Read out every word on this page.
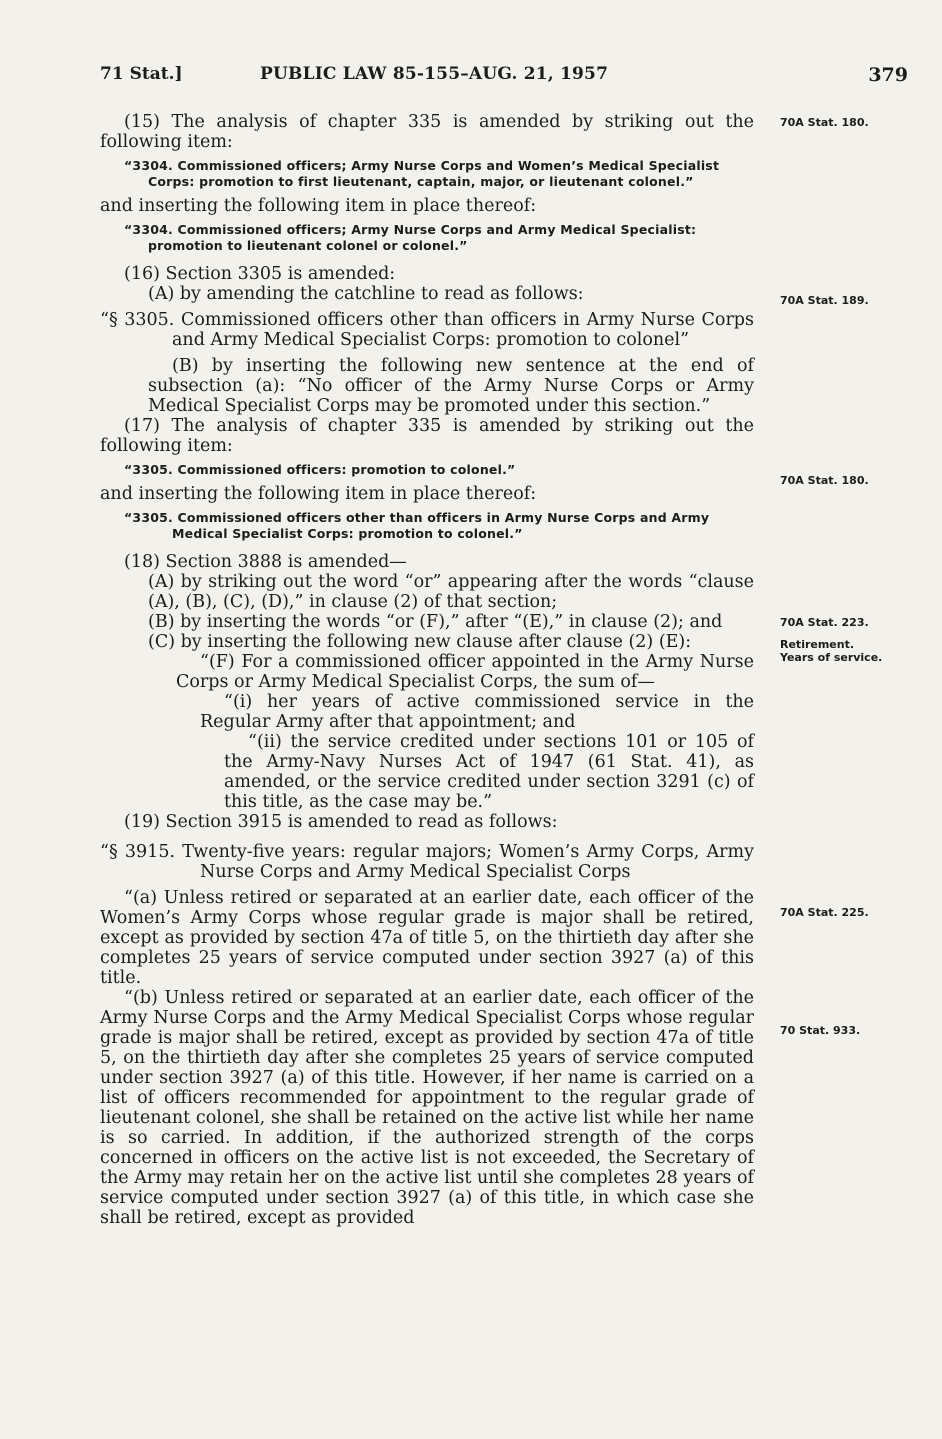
71 Stat.]	PUBLIC LAW 85-155–AUG. 21, 1957	379

(15) The analysis of chapter 335 is amended by striking out the following item:

“3304. Commissioned officers; Army Nurse Corps and Women’s Medical Specialist Corps: promotion to first lieutenant, captain, major, or lieutenant colonel.”

and inserting the following item in place thereof:

“3304. Commissioned officers; Army Nurse Corps and Army Medical Specialist: promotion to lieutenant colonel or colonel.”

(16) Section 3305 is amended:

(A) by amending the catchline to read as follows:

“§ 3305. Commissioned officers other than officers in Army Nurse Corps and Army Medical Specialist Corps: promotion to colonel”

(B) by inserting the following new sentence at the end of subsection (a): “No officer of the Army Nurse Corps or Army Medical Specialist Corps may be promoted under this section.”

(17) The analysis of chapter 335 is amended by striking out the following item:

“3305. Commissioned officers: promotion to colonel.”

and inserting the following item in place thereof:

“3305. Commissioned officers other than officers in Army Nurse Corps and Army Medical Specialist Corps: promotion to colonel.”

(18) Section 3888 is amended—

(A) by striking out the word “or” appearing after the words “clause (A), (B), (C), (D),” in clause (2) of that section;

(B) by inserting the words “or (F),” after “(E),” in clause (2); and

(C) by inserting the following new clause after clause (2) (E):

“(F) For a commissioned officer appointed in the Army Nurse Corps or Army Medical Specialist Corps, the sum of—

“(i) her years of active commissioned service in the Regular Army after that appointment; and

“(ii) the service credited under sections 101 or 105 of the Army-Navy Nurses Act of 1947 (61 Stat. 41), as amended, or the service credited under section 3291 (c) of this title, as the case may be.”

(19) Section 3915 is amended to read as follows:

“§ 3915. Twenty-five years: regular majors; Women’s Army Corps, Army Nurse Corps and Army Medical Specialist Corps

“(a) Unless retired or separated at an earlier date, each officer of the Women’s Army Corps whose regular grade is major shall be retired, except as provided by section 47a of title 5, on the thirtieth day after she completes 25 years of service computed under section 3927 (a) of this title.

“(b) Unless retired or separated at an earlier date, each officer of the Army Nurse Corps and the Army Medical Specialist Corps whose regular grade is major shall be retired, except as provided by section 47a of title 5, on the thirtieth day after she completes 25 years of service computed under section 3927 (a) of this title. However, if her name is carried on a list of officers recommended for appointment to the regular grade of lieutenant colonel, she shall be retained on the active list while her name is so carried. In addition, if the authorized strength of the corps concerned in officers on the active list is not exceeded, the Secretary of the Army may retain her on the active list until she completes 28 years of service computed under section 3927 (a) of this title, in which case she shall be retired, except as provided

70A Stat. 180.
70A Stat. 189.
70A Stat. 180.
70A Stat. 223.
Retirement.
Years of service.
70A Stat. 225.
70 Stat. 933.
